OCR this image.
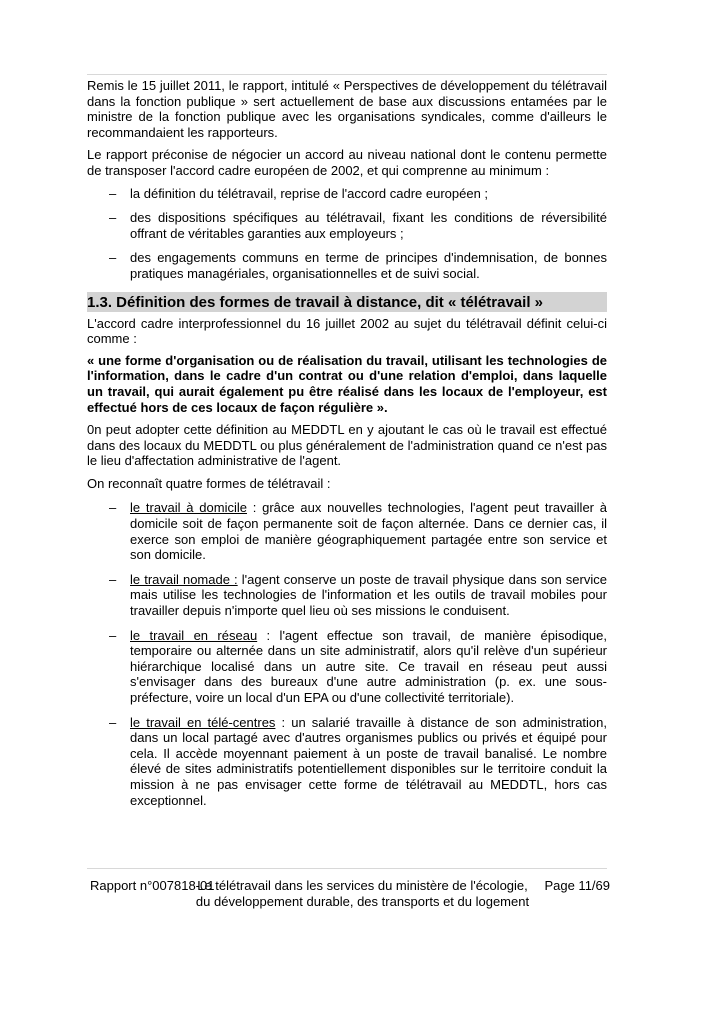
Remis le 15 juillet 2011, le rapport, intitulé « Perspectives de développement du télétravail dans la fonction publique » sert actuellement de base aux discussions entamées par le ministre de la fonction publique avec les organisations syndicales, comme d'ailleurs le recommandaient les rapporteurs.

Le rapport préconise de négocier un accord au niveau national dont le contenu permette de transposer l'accord cadre européen de 2002, et qui comprenne au minimum :

– la définition du télétravail, reprise de l'accord cadre européen ;
– des dispositions spécifiques au télétravail, fixant les conditions de réversibilité offrant de véritables garanties aux employeurs ;
– des engagements communs en terme de principes d'indemnisation, de bonnes pratiques managériales, organisationnelles et de suivi social.
1.3. Définition des formes de travail à distance, dit « télétravail »

L'accord cadre interprofessionnel du 16 juillet 2002 au sujet du télétravail définit celui-ci comme :

« une forme d'organisation ou de réalisation du travail, utilisant les technologies de l'information, dans le cadre d'un contrat ou d'une relation d'emploi, dans laquelle un travail, qui aurait également pu être réalisé dans les locaux de l'employeur, est effectué hors de ces locaux de façon régulière ».

0n peut adopter cette définition au MEDDTL en y ajoutant le cas où le travail est effectué dans des locaux du MEDDTL ou plus généralement de l'administration quand ce n'est pas le lieu d'affectation administrative de l'agent.

On reconnaît quatre formes de télétravail :

– le travail à domicile : grâce aux nouvelles technologies, l'agent peut travailler à domicile soit de façon permanente soit de façon alternée. Dans ce dernier cas, il exerce son emploi de manière géographiquement partagée entre son service et son domicile.
– le travail nomade : l'agent conserve un poste de travail physique dans son service mais utilise les technologies de l'information et les outils de travail mobiles pour travailler depuis n'importe quel lieu où ses missions le conduisent.
– le travail en réseau : l'agent effectue son travail, de manière épisodique, temporaire ou alternée dans un site administratif, alors qu'il relève d'un supérieur hiérarchique localisé dans un autre site. Ce travail en réseau peut aussi s'envisager dans des bureaux d'une autre administration (p. ex. une sous-préfecture, voire un local d'un EPA ou d'une collectivité territoriale).
– le travail en télé-centres : un salarié travaille à distance de son administration, dans un local partagé avec d'autres organismes publics ou privés et équipé pour cela. Il accède moyennant paiement à un poste de travail banalisé. Le nombre élevé de sites administratifs potentiellement disponibles sur le territoire conduit la mission à ne pas envisager cette forme de télétravail au MEDDTL, hors cas exceptionnel.
Rapport n°007818-01
Le télétravail dans les services du ministère de l'écologie, du développement durable, des transports et du logement
Page 11/69
